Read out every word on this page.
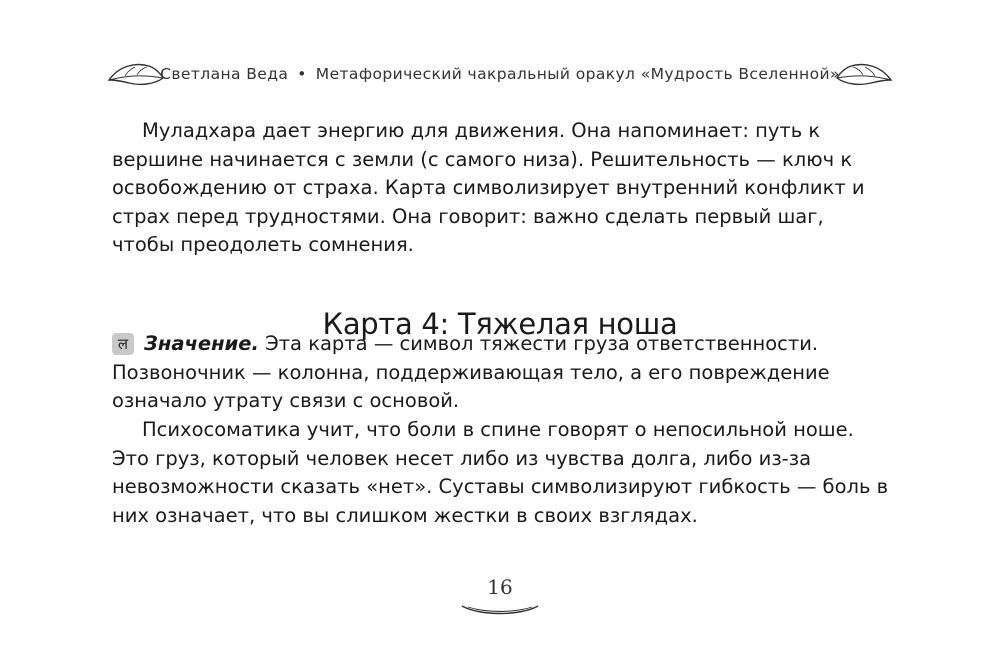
Светлана Веда • Метафорический чакральный оракул «Мудрость Вселенной»

Муладхара дает энергию для движения. Она напоминает: путь к вершине начинается с земли (с самого низа). Решительность — ключ к освобождению от страха. Карта символизирует внутренний конфликт и страх перед трудностями. Она говорит: важно сделать первый шаг, чтобы преодолеть сомнения.

Карта 4: Тяжелая ноша

ल Значение. Эта карта — символ тяжести груза ответственности. Позвоночник — колонна, поддерживающая тело, а его повреждение означало утрату связи с основой.

Психосоматика учит, что боли в спине говорят о непосильной ноше. Это груз, который человек несет либо из чувства долга, либо из-за невозможности сказать «нет». Суставы символизируют гибкость — боль в них означает, что вы слишком жестки в своих взглядах.

16
